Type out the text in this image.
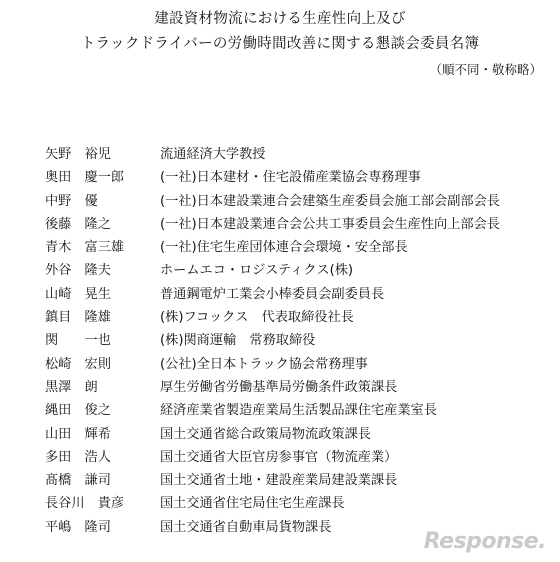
建設資材物流における生産性向上及び
トラックドライバーの労働時間改善に関する懇談会委員名簿
（順不同・敬称略）
矢野　裕児	流通経済大学教授
奥田　慶一郎	(一社)日本建材・住宅設備産業協会専務理事
中野　優	(一社)日本建設業連合会建築生産委員会施工部会副部会長
後藤　隆之	(一社)日本建設業連合会公共工事委員会生産性向上部会長
青木　富三雄	(一社)住宅生産団体連合会環境・安全部長
外谷　隆夫	ホームエコ・ロジスティクス(株)
山崎　晃生	普通鋼電炉工業会小棒委員会副委員長
鎮目　隆雄	(株)フコックス　代表取締役社長
関　　一也	(株)関商運輸　常務取締役
松崎　宏則	(公社)全日本トラック協会常務理事
黒澤　朗	厚生労働省労働基準局労働条件政策課長
縄田　俊之	経済産業省製造産業局生活製品課住宅産業室長
山田　輝希	国土交通省総合政策局物流政策課長
多田　浩人	国土交通省大臣官房参事官（物流産業）
髙橋　謙司	国土交通省土地・建設産業局建設業課長
長谷川　貴彦	国土交通省住宅局住宅生産課長
平嶋　隆司	国土交通省自動車局貨物課長
Response.
